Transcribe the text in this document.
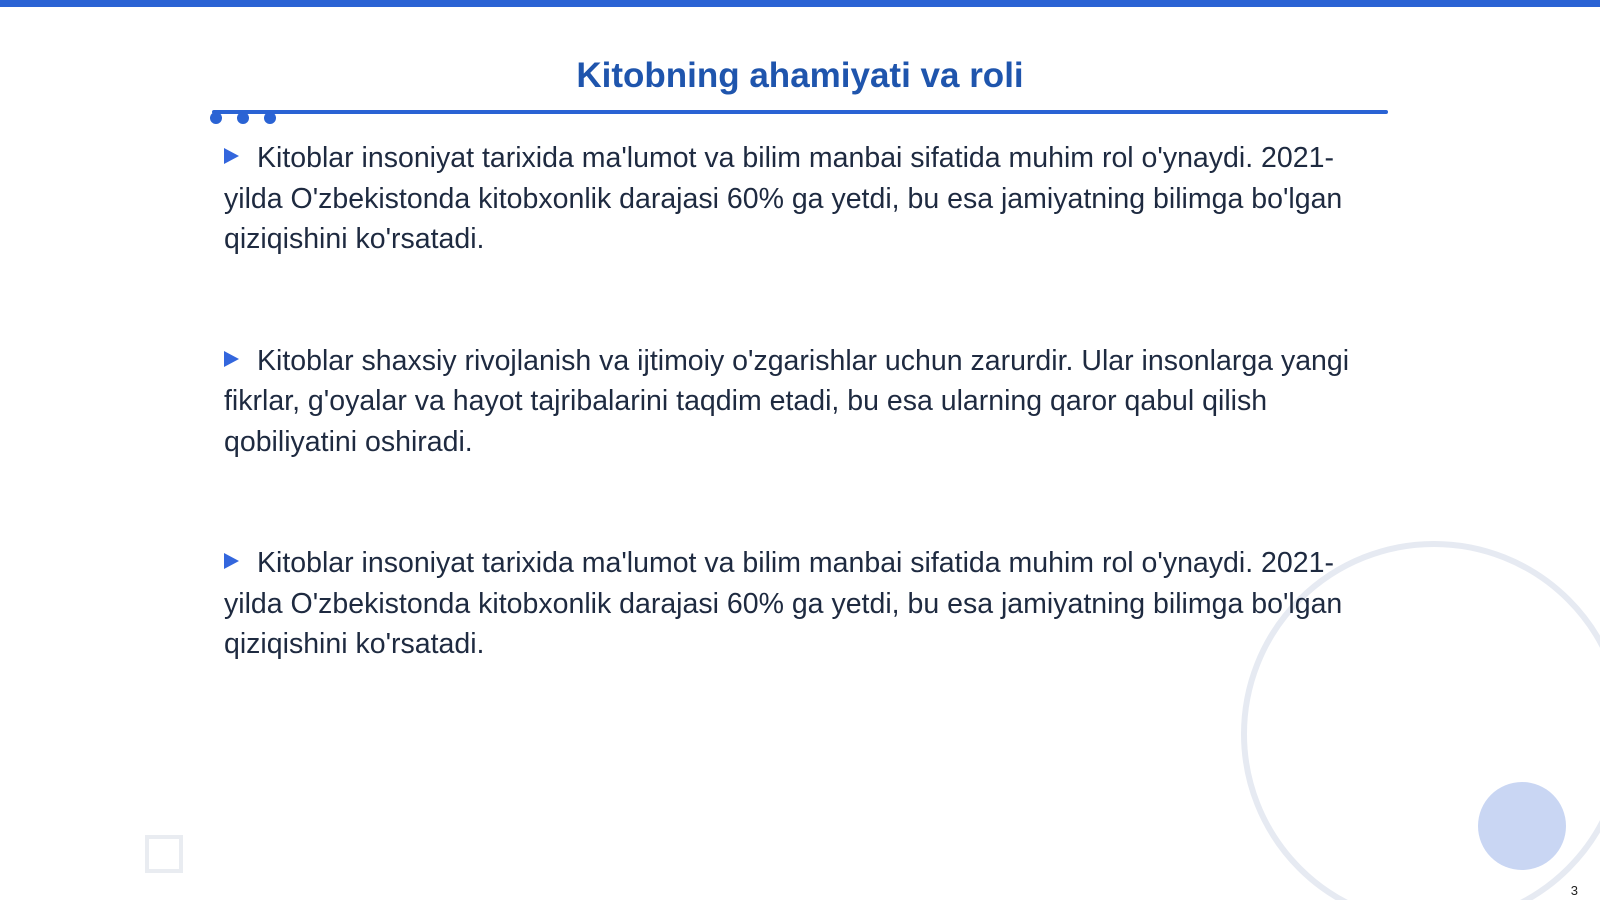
Kitobning ahamiyati va roli

Kitoblar insoniyat tarixida ma'lumot va bilim manbai sifatida muhim rol o'ynaydi. 2021-yilda O'zbekistonda kitobxonlik darajasi 60% ga yetdi, bu esa jamiyatning bilimga bo'lgan qiziqishini ko'rsatadi.

Kitoblar shaxsiy rivojlanish va ijtimoiy o'zgarishlar uchun zarurdir. Ular insonlarga yangi fikrlar, g'oyalar va hayot tajribalarini taqdim etadi, bu esa ularning qaror qabul qilish qobiliyatini oshiradi.

Kitoblar insoniyat tarixida ma'lumot va bilim manbai sifatida muhim rol o'ynaydi. 2021-yilda O'zbekistonda kitobxonlik darajasi 60% ga yetdi, bu esa jamiyatning bilimga bo'lgan qiziqishini ko'rsatadi.

3
